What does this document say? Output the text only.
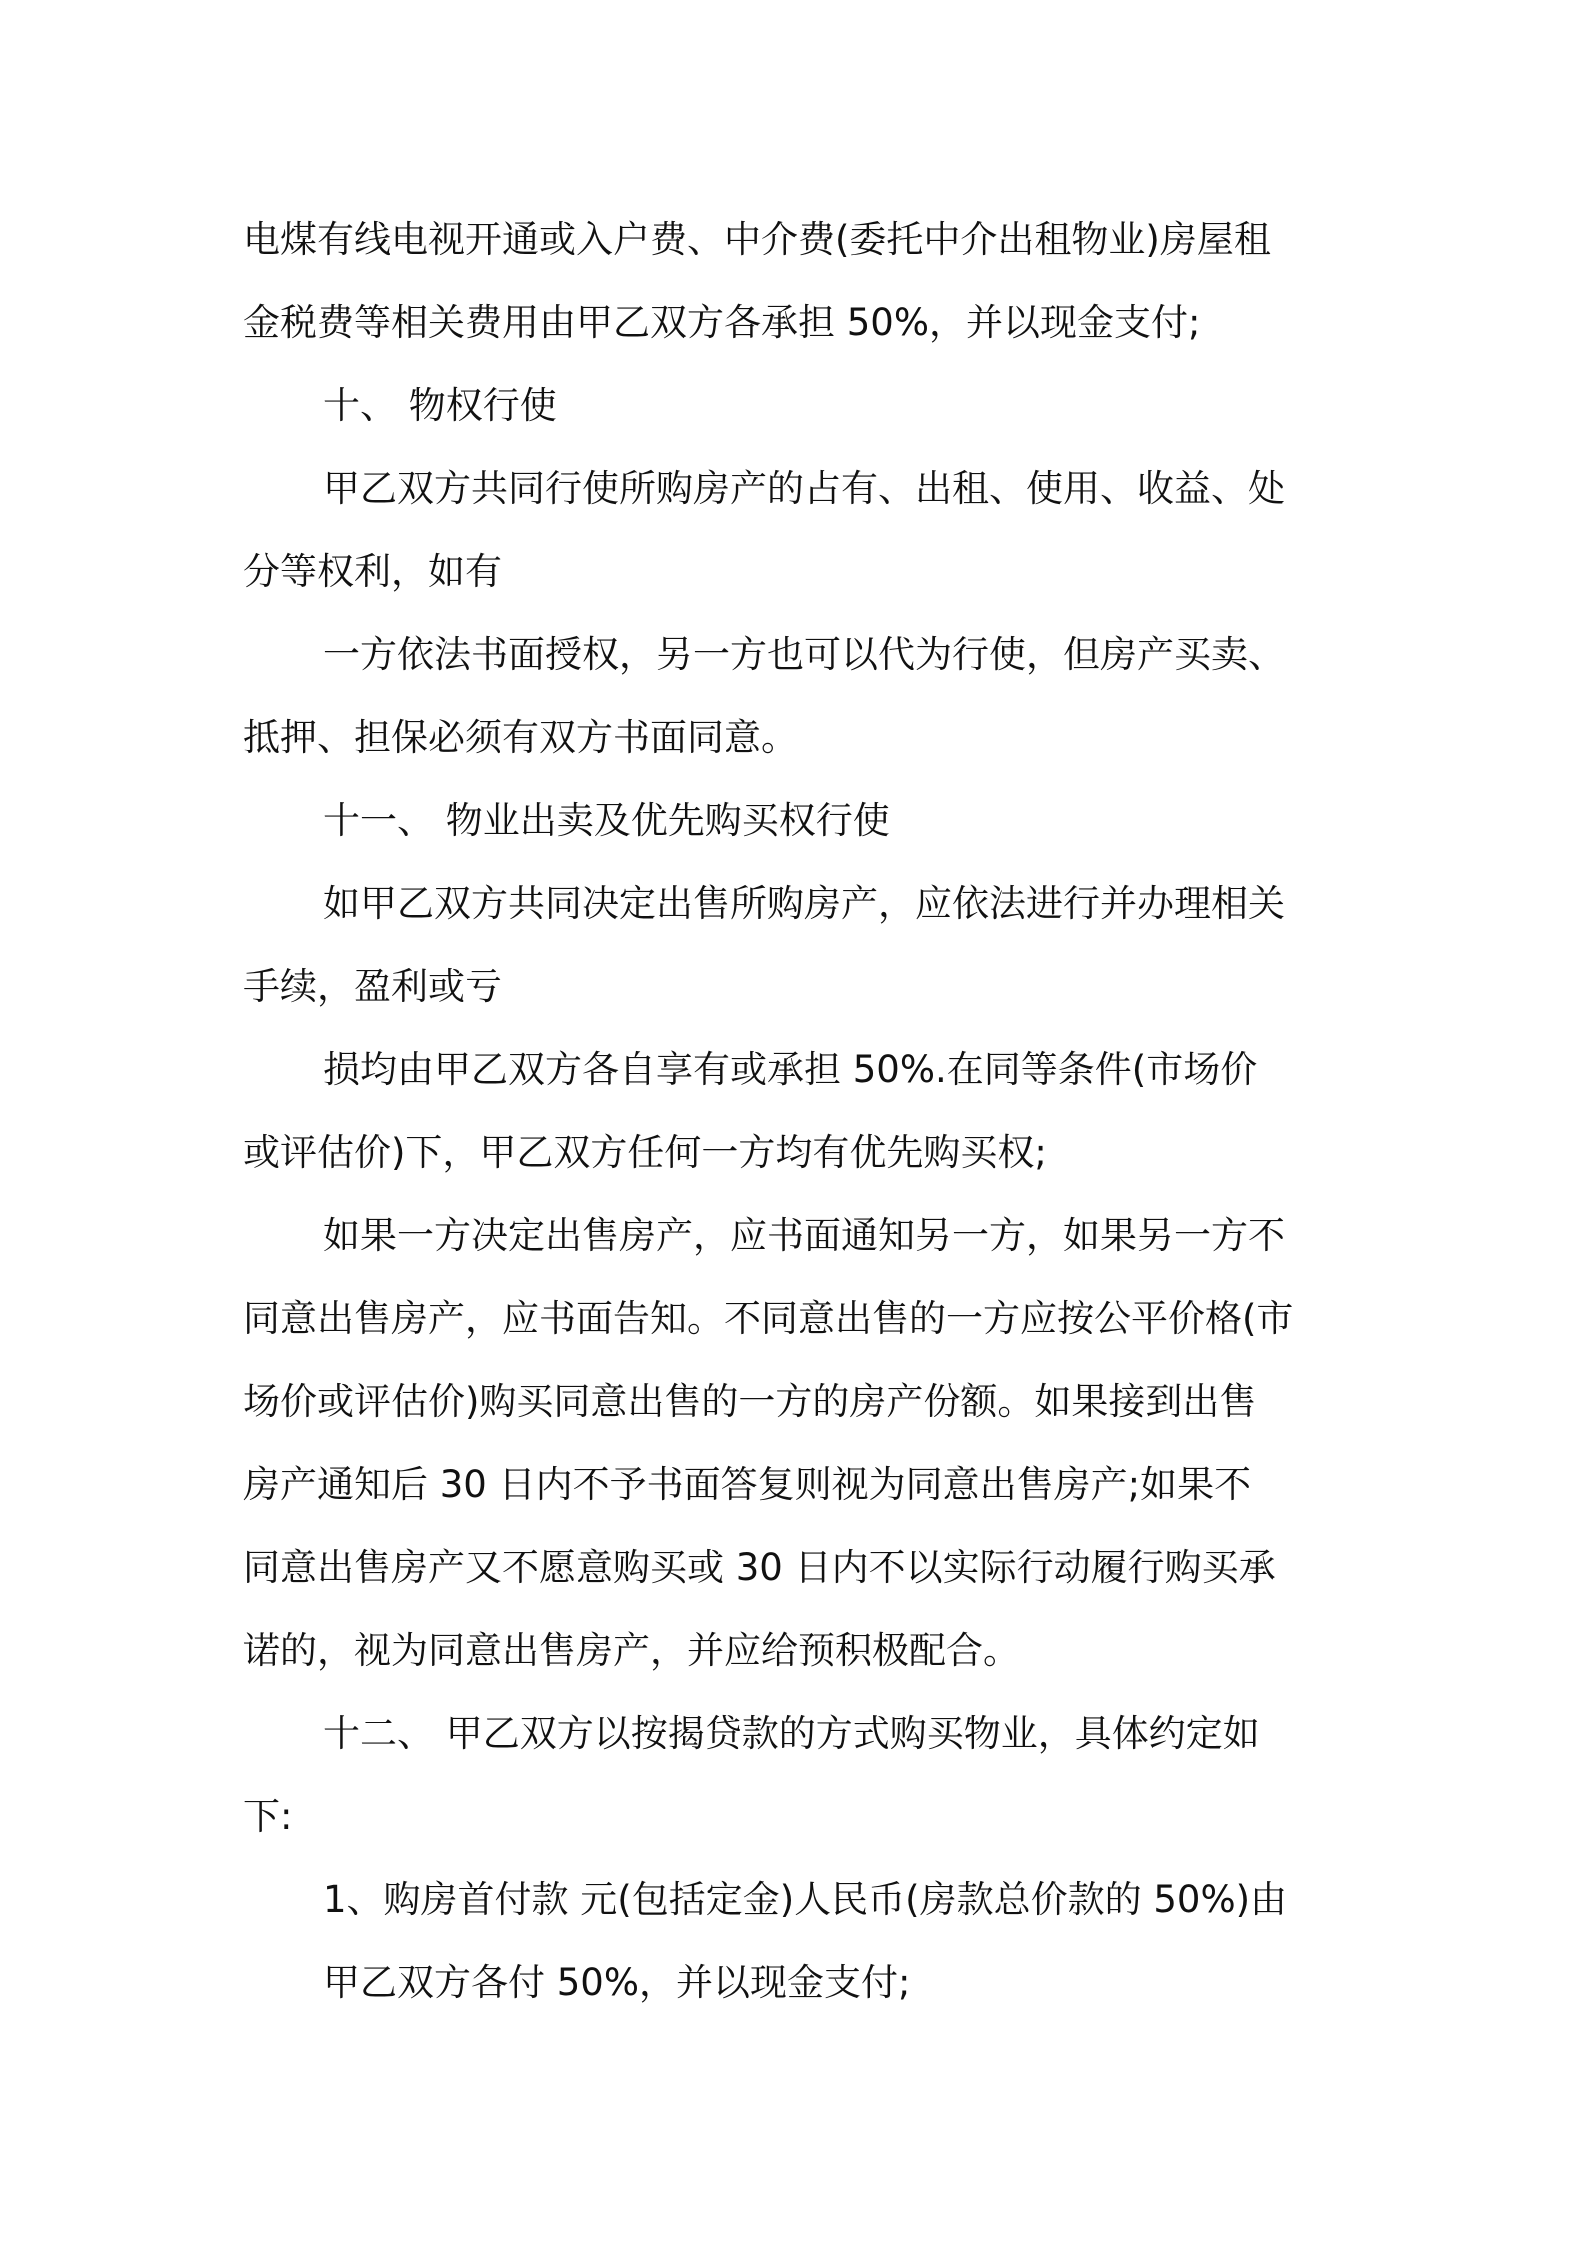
电煤有线电视开通或入户费、中介费(委托中介出租物业)房屋租
金税费等相关费用由甲乙双方各承担 50%，并以现金支付;
十、 物权行使
甲乙双方共同行使所购房产的占有、出租、使用、收益、处
分等权利，如有
一方依法书面授权，另一方也可以代为行使，但房产买卖、
抵押、担保必须有双方书面同意。
十一、 物业出卖及优先购买权行使
如甲乙双方共同决定出售所购房产，应依法进行并办理相关
手续，盈利或亏
损均由甲乙双方各自享有或承担 50%.在同等条件(市场价
或评估价)下，甲乙双方任何一方均有优先购买权;
如果一方决定出售房产，应书面通知另一方，如果另一方不
同意出售房产，应书面告知。不同意出售的一方应按公平价格(市
场价或评估价)购买同意出售的一方的房产份额。如果接到出售
房产通知后 30 日内不予书面答复则视为同意出售房产;如果不
同意出售房产又不愿意购买或 30 日内不以实际行动履行购买承
诺的，视为同意出售房产，并应给预积极配合。
十二、 甲乙双方以按揭贷款的方式购买物业，具体约定如
下:
1、购房首付款 元(包括定金)人民币(房款总价款的 50%)由
甲乙双方各付 50%，并以现金支付;
